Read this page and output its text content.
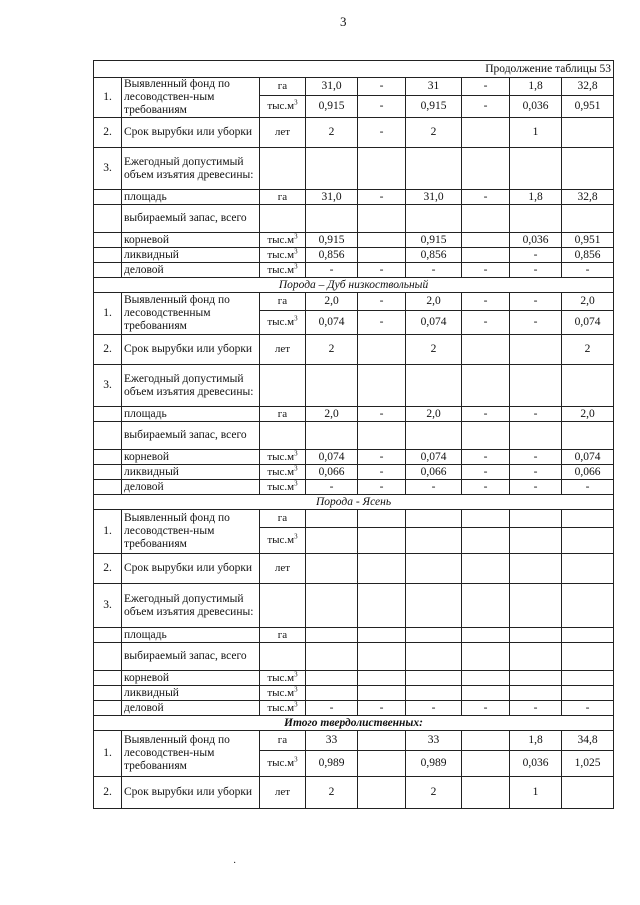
3
Продолжение таблицы 53								
1.	Выявленный фонд по лесоводствен-ным требованиям	га	31,0	-	31	-	1,8	32,8
		$тыс.м^3$	0,915	-	0,915	-	0,036	0,951
2.	Срок вырубки или уборки	лет	2	-	2		1	
3.	Ежегодный допустимый объем изъятия древесины:							
	площадь	га	31,0	-	31,0	-	1,8	32,8
	выбираемый запас, всего							
	корневой	$тыс.м^3$	0,915		0,915		0,036	0,951
	ликвидный	$тыс.м^3$	0,856		0,856		-	0,856
	деловой	$тыс.м^3$	-	-	-	-	-	-
Порода – Дуб низкоствольный								
1.	Выявленный фонд по лесоводственным требованиям	га	2,0	-	2,0	-	-	2,0
		$тыс.м^3$	0,074	-	0,074	-	-	0,074
2.	Срок вырубки или уборки	лет	2		2			2
3.	Ежегодный допустимый объем изъятия древесины:							
	площадь	га	2,0	-	2,0	-	-	2,0
	выбираемый запас, всего							
	корневой	$тыс.м^3$	0,074	-	0,074	-	-	0,074
	ликвидный	$тыс.м^3$	0,066	-	0,066	-	-	0,066
	деловой	$тыс.м^3$	-	-	-	-	-	-
Порода - Ясень								
1.	Выявленный фонд по лесоводствен-ным требованиям	га						
		$тыс.м^3$						
2.	Срок вырубки или уборки	лет						
3.	Ежегодный допустимый объем изъятия древесины:							
	площадь	га						
	выбираемый запас, всего							
	корневой	$тыс.м^3$						
	ликвидный	$тыс.м^3$						
	деловой	$тыс.м^3$	-	-	-	-	-	-
Итого твердолиственных:								
1.	Выявленный фонд по лесоводствен-ным требованиям	га	33		33		1,8	34,8
		$тыс.м^3$	0,989		0,989		0,036	1,025
2.	Срок вырубки или уборки	лет	2		2		1	
·
